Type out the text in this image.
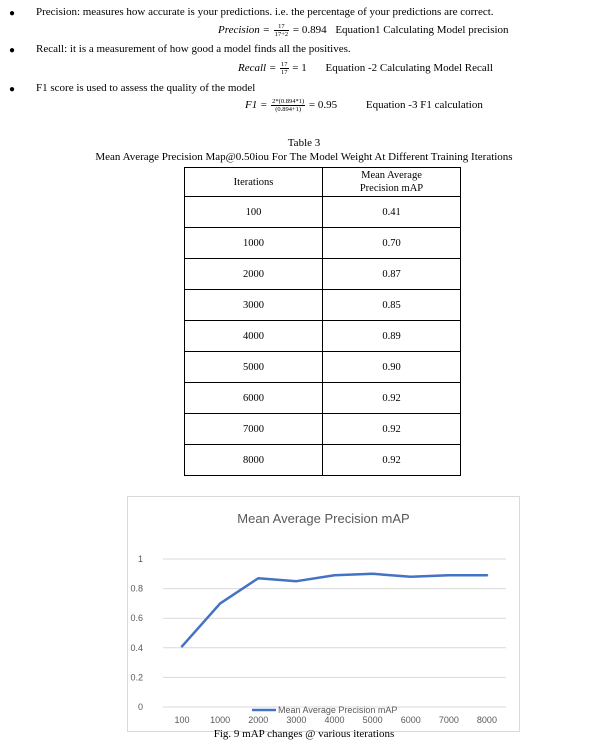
● Precision: measures how accurate is your predictions. i.e. the percentage of your predictions are correct.
Precision = $\frac{17}{17+2} = 0.894$ Equation1 Calculating Model precision
● Recall: it is a measurement of how good a model finds all the positives.
Recall = $\frac{17}{17} = 1$ Equation -2 Calculating Model Recall
● F1 score is used to assess the quality of the model
$F1 = \frac{2*(0.894*1)}{(0.894+1)} = 0.95$	Equation -3 F1 calculation
Table 3
Mean Average Precision Map@0.50iou For The Model Weight At Different Training Iterations
Iterations	Mean Average Precision mAP
100	0.41
1000	0.70
2000	0.87
3000	0.85
4000	0.89
5000	0.90
6000	0.92
7000	0.92
8000	0.92
Mean Average Precision mAP
0
0.2
0.4
0.6
0.8
1
100 1000 2000 3000 4000 5000 6000 7000 8000
Mean Average Precision mAP
Fig. 9 mAP changes @ various iterations
